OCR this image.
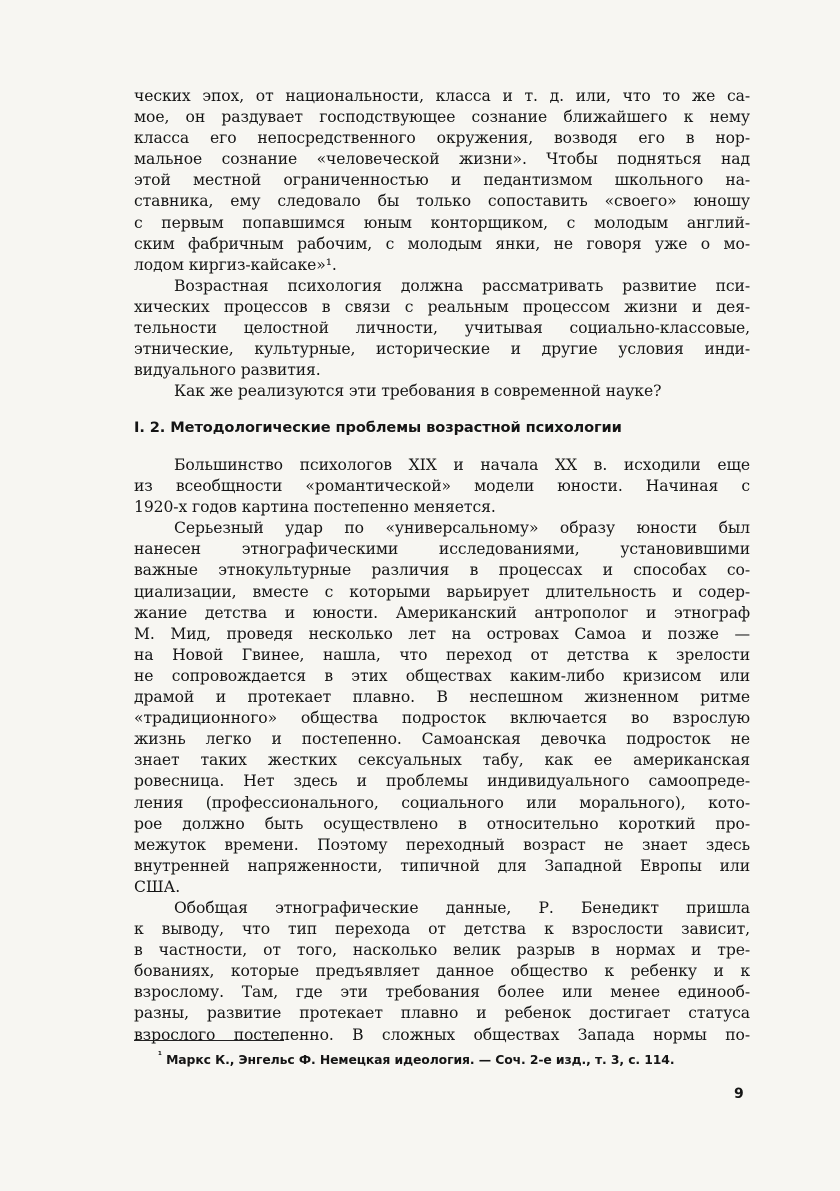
ческих эпох, от национальности, класса и т. д. или, что то же са-
мое, он раздувает господствующее сознание ближайшего к нему
класса его непосредственного окружения, возводя его в нор-
мальное сознание «человеческой жизни». Чтобы подняться над
этой местной ограниченностью и педантизмом школьного на-
ставника, ему следовало бы только сопоставить «своего» юношу
с первым попавшимся юным конторщиком, с молодым англий-
ским фабричным рабочим, с молодым янки, не говоря уже о мо-
лодом киргиз-кайсаке»¹.
Возрастная психология должна рассматривать развитие пси-
хических процессов в связи с реальным процессом жизни и дея-
тельности целостной личности, учитывая социально-классовые,
этнические, культурные, исторические и другие условия инди-
видуального развития.
Как же реализуются эти требования в современной науке?
I. 2. Методологические проблемы возрастной психологии
Большинство психологов XIX и начала XX в. исходили еще
из всеобщности «романтической» модели юности. Начиная с
1920-х годов картина постепенно меняется.
Серьезный удар по «универсальному» образу юности был
нанесен этнографическими исследованиями, установившими
важные этнокультурные различия в процессах и способах со-
циализации, вместе с которыми варьирует длительность и содер-
жание детства и юности. Американский антрополог и этнограф
М. Мид, проведя несколько лет на островах Самоа и позже —
на Новой Гвинее, нашла, что переход от детства к зрелости
не сопровождается в этих обществах каким-либо кризисом или
драмой и протекает плавно. В неспешном жизненном ритме
«традиционного» общества подросток включается во взрослую
жизнь легко и постепенно. Самоанская девочка подросток не
знает таких жестких сексуальных табу, как ее американская
ровесница. Нет здесь и проблемы индивидуального самоопреде-
ления (профессионального, социального или морального), кото-
рое должно быть осуществлено в относительно короткий про-
межуток времени. Поэтому переходный возраст не знает здесь
внутренней напряженности, типичной для Западной Европы или
США.
Обобщая этнографические данные, Р. Бенедикт пришла
к выводу, что тип перехода от детства к взрослости зависит,
в частности, от того, насколько велик разрыв в нормах и тре-
бованиях, которые предъявляет данное общество к ребенку и к
взрослому. Там, где эти требования более или менее единооб-
разны, развитие протекает плавно и ребенок достигает статуса
взрослого постепенно. В сложных обществах Запада нормы по-
$^{^1}$ Маркс К., Энгельс Ф. Немецкая идеология. — Соч. 2-е изд., т. 3, с. 114.
9
